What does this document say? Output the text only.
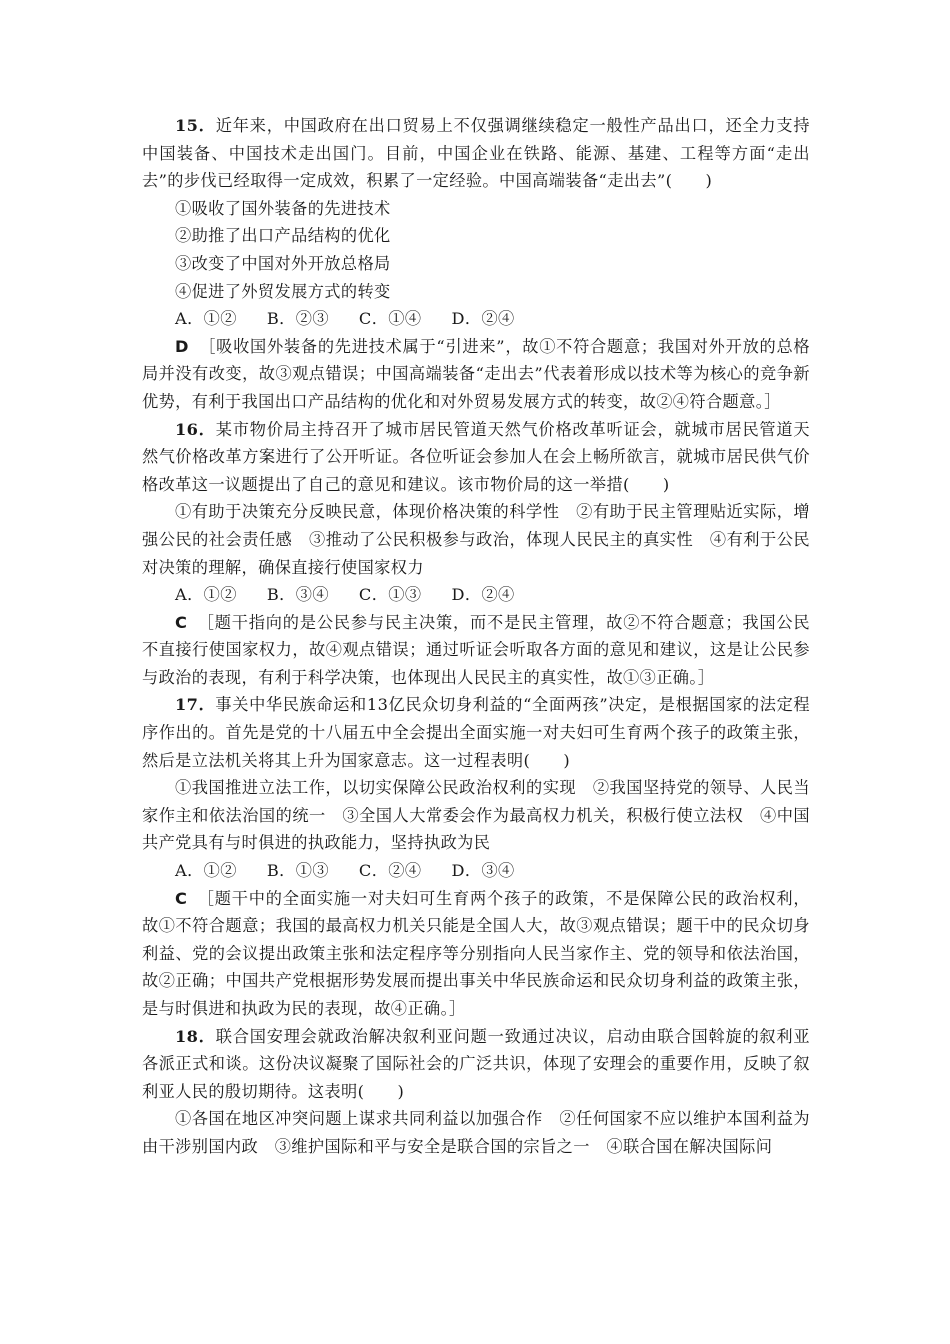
15．近年来，中国政府在出口贸易上不仅强调继续稳定一般性产品出口，还全力支持中国装备、中国技术走出国门。目前，中国企业在铁路、能源、基建、工程等方面“走出去”的步伐已经取得一定成效，积累了一定经验。中国高端装备“走出去”(　　)

①吸收了国外装备的先进技术

②助推了出口产品结构的优化

③改变了中国对外开放总格局

④促进了外贸发展方式的转变

A．①② B．②③ C．①④ D．②④

D ［吸收国外装备的先进技术属于“引进来”，故①不符合题意；我国对外开放的总格局并没有改变，故③观点错误；中国高端装备“走出去”代表着形成以技术等为核心的竞争新优势，有利于我国出口产品结构的优化和对外贸易发展方式的转变，故②④符合题意。］

16．某市物价局主持召开了城市居民管道天然气价格改革听证会，就城市居民管道天然气价格改革方案进行了公开听证。各位听证会参加人在会上畅所欲言，就城市居民供气价格改革这一议题提出了自己的意见和建议。该市物价局的这一举措(　　)

①有助于决策充分反映民意，体现价格决策的科学性　②有助于民主管理贴近实际，增强公民的社会责任感　③推动了公民积极参与政治，体现人民民主的真实性　④有利于公民对决策的理解，确保直接行使国家权力

A．①② B．③④ C．①③ D．②④

C ［题干指向的是公民参与民主决策，而不是民主管理，故②不符合题意；我国公民不直接行使国家权力，故④观点错误；通过听证会听取各方面的意见和建议，这是让公民参与政治的表现，有利于科学决策，也体现出人民民主的真实性，故①③正确。］

17．事关中华民族命运和13亿民众切身利益的“全面两孩”决定，是根据国家的法定程序作出的。首先是党的十八届五中全会提出全面实施一对夫妇可生育两个孩子的政策主张，然后是立法机关将其上升为国家意志。这一过程表明(　　)

①我国推进立法工作，以切实保障公民政治权利的实现　②我国坚持党的领导、人民当家作主和依法治国的统一　③全国人大常委会作为最高权力机关，积极行使立法权　④中国共产党具有与时俱进的执政能力，坚持执政为民

A．①② B．①③ C．②④ D．③④

C ［题干中的全面实施一对夫妇可生育两个孩子的政策，不是保障公民的政治权利，故①不符合题意；我国的最高权力机关只能是全国人大，故③观点错误；题干中的民众切身利益、党的会议提出政策主张和法定程序等分别指向人民当家作主、党的领导和依法治国，故②正确；中国共产党根据形势发展而提出事关中华民族命运和民众切身利益的政策主张，是与时俱进和执政为民的表现，故④正确。］

18．联合国安理会就政治解决叙利亚问题一致通过决议，启动由联合国斡旋的叙利亚各派正式和谈。这份决议凝聚了国际社会的广泛共识，体现了安理会的重要作用，反映了叙利亚人民的殷切期待。这表明(　　)

①各国在地区冲突问题上谋求共同利益以加强合作　②任何国家不应以维护本国利益为由干涉别国内政　③维护国际和平与安全是联合国的宗旨之一　④联合国在解决国际问
